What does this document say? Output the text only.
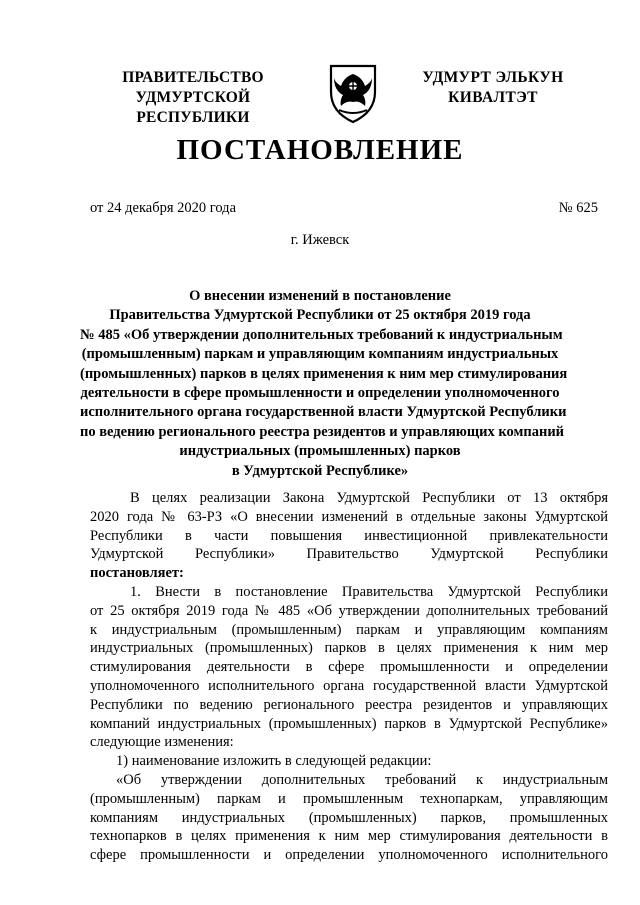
ПРАВИТЕЛЬСТВО
УДМУРТСКОЙ РЕСПУБЛИКИ
УДМУРТ ЭЛЬКУН
КИВАЛТЭТ
ПОСТАНОВЛЕНИЕ
от 24 декабря 2020 года	№ 625
г. Ижевск
О внесении изменений в постановление
Правительства Удмуртской Республики от 25 октября 2019 года
№ 485 «Об утверждении дополнительных требований к индустриальным
(промышленным) паркам и управляющим компаниям индустриальных
(промышленных) парков в целях применения к ним мер стимулирования
деятельности в сфере промышленности и определении уполномоченного
исполнительного органа государственной власти Удмуртской Республики
по ведению регионального реестра резидентов и управляющих компаний
индустриальных (промышленных) парков
в Удмуртской Республике»
В целях реализации Закона Удмуртской Республики от 13 октября
2020 года № 63-РЗ «О внесении изменений в отдельные законы Удмуртской
Республики в части повышения инвестиционной привлекательности
Удмуртской Республики» Правительство Удмуртской Республики
постановляет:
1. Внести в постановление Правительства Удмуртской Республики
от 25 октября 2019 года № 485 «Об утверждении дополнительных требований
к индустриальным (промышленным) паркам и управляющим компаниям
индустриальных (промышленных) парков в целях применения к ним мер
стимулирования деятельности в сфере промышленности и определении
уполномоченного исполнительного органа государственной власти Удмуртской
Республики по ведению регионального реестра резидентов и управляющих
компаний индустриальных (промышленных) парков в Удмуртской Республике»
следующие изменения:
1) наименование изложить в следующей редакции:
«Об утверждении дополнительных требований к индустриальным
(промышленным) паркам и промышленным технопаркам, управляющим
компаниям индустриальных (промышленных) парков, промышленных
технопарков в целях применения к ним мер стимулирования деятельности в
сфере промышленности и определении уполномоченного исполнительного
